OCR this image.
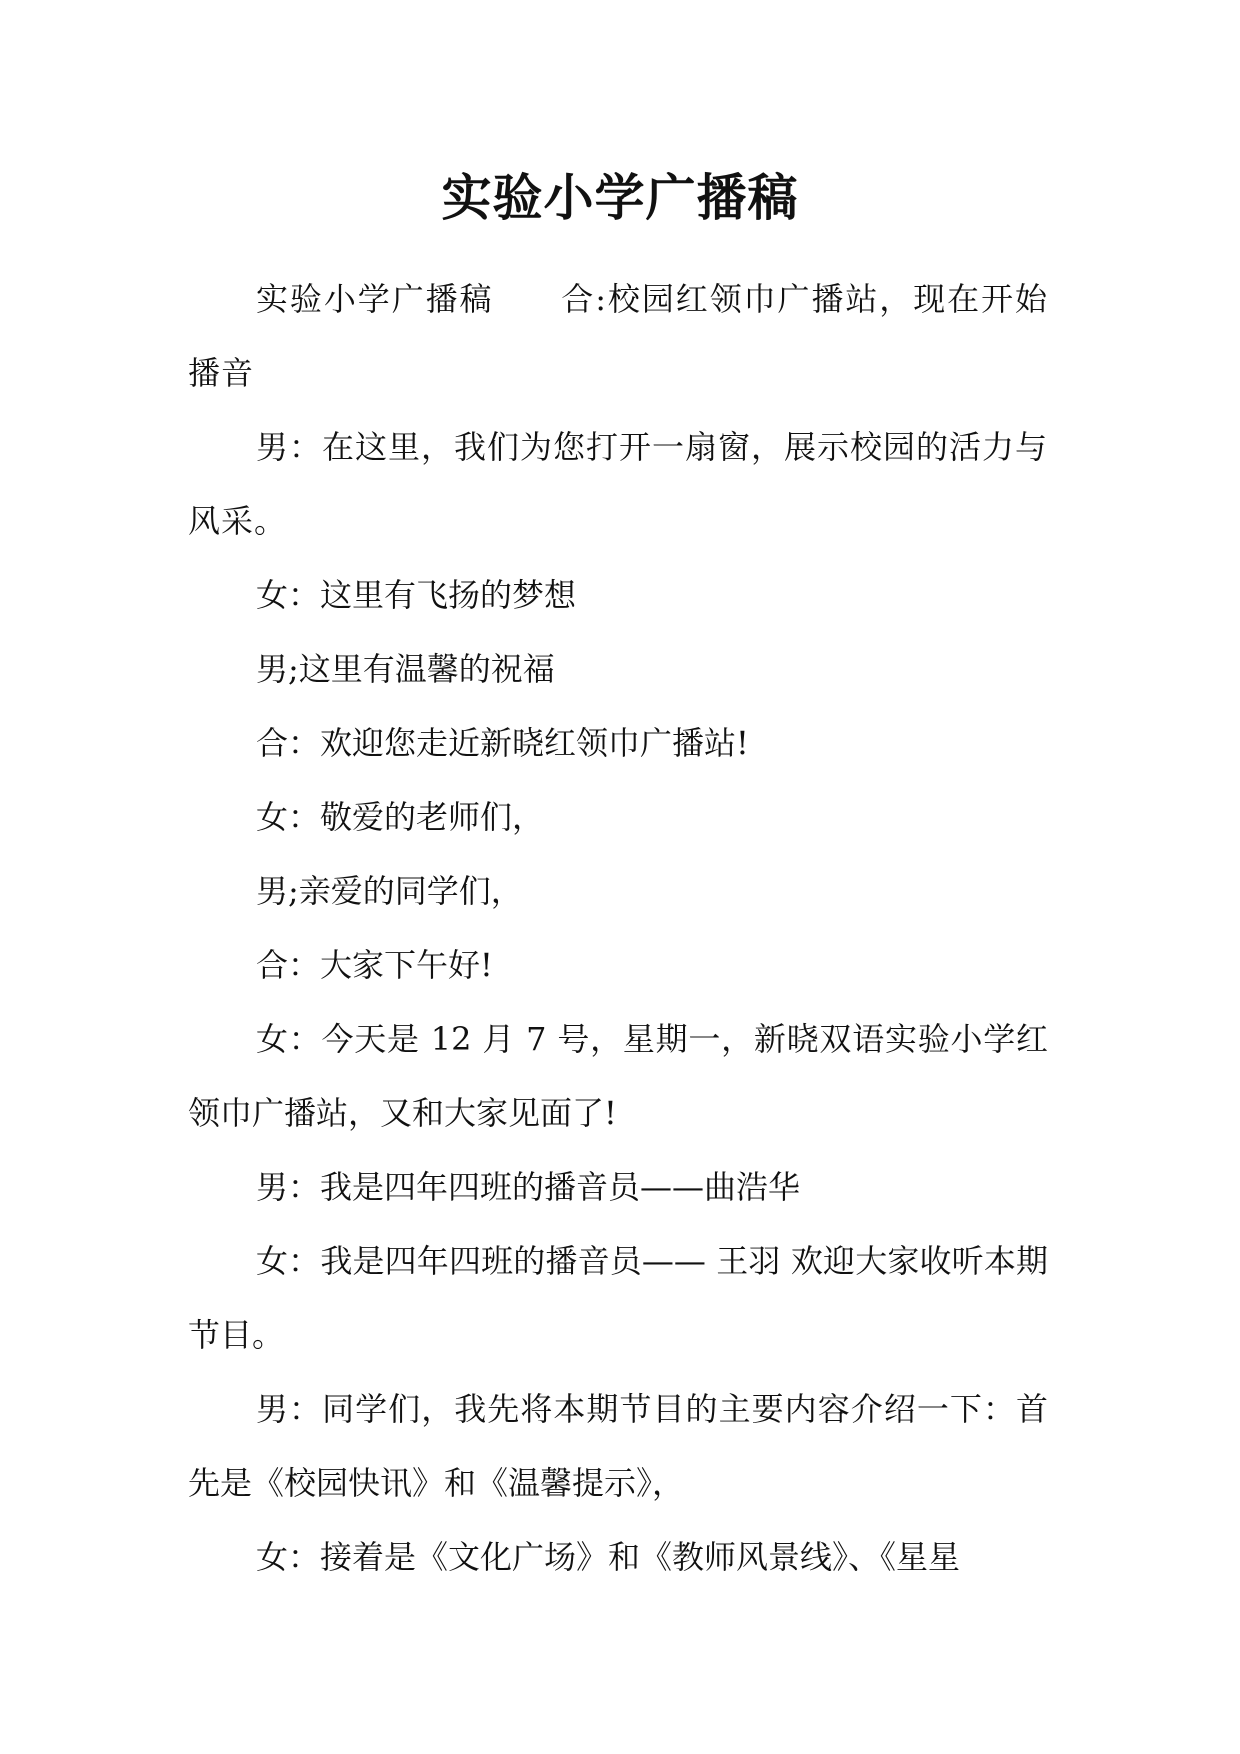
实验小学广播稿

实验小学广播稿　　合:校园红领巾广播站，现在开始播音

男：在这里，我们为您打开一扇窗，展示校园的活力与风采。

女：这里有飞扬的梦想

男;这里有温馨的祝福

合：欢迎您走近新晓红领巾广播站!

女：敬爱的老师们，

男;亲爱的同学们，

合：大家下午好!

女：今天是 12 月 7 号，星期一，新晓双语实验小学红领巾广播站，又和大家见面了!

男：我是四年四班的播音员——曲浩华

女：我是四年四班的播音员—— 王羽 欢迎大家收听本期节目。

男：同学们，我先将本期节目的主要内容介绍一下：首先是《校园快讯》和《温馨提示》，

女：接着是《文化广场》和《教师风景线》、《星星
